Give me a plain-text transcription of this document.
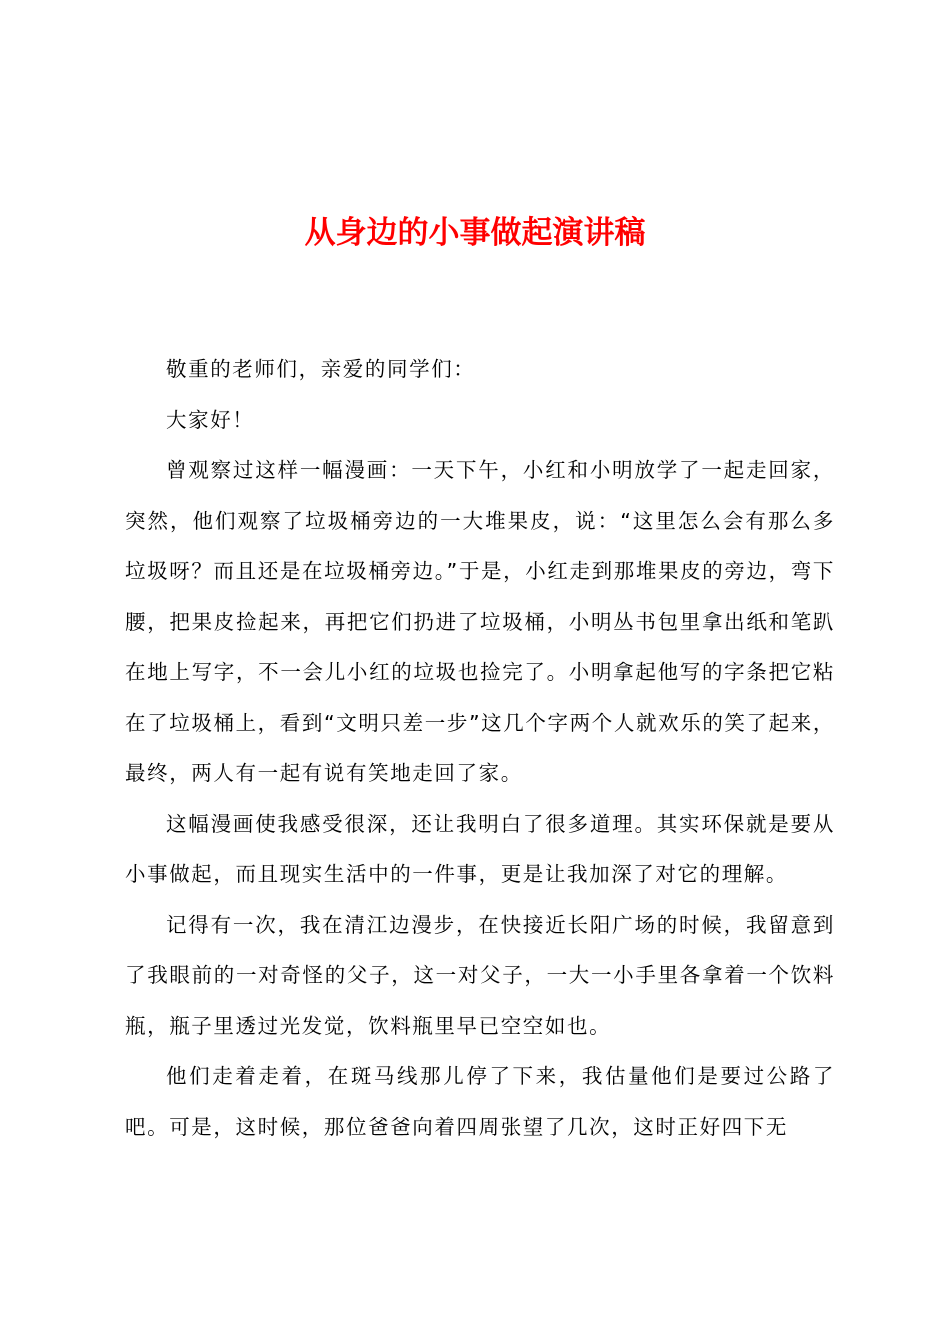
从身边的小事做起演讲稿

敬重的老师们，亲爱的同学们：

大家好！

曾观察过这样一幅漫画：一天下午，小红和小明放学了一起走回家，突然，他们观察了垃圾桶旁边的一大堆果皮，说：“这里怎么会有那么多垃圾呀？而且还是在垃圾桶旁边。”于是，小红走到那堆果皮的旁边，弯下腰，把果皮捡起来，再把它们扔进了垃圾桶，小明丛书包里拿出纸和笔趴在地上写字，不一会儿小红的垃圾也捡完了。小明拿起他写的字条把它粘在了垃圾桶上，看到“文明只差一步”这几个字两个人就欢乐的笑了起来，最终，两人有一起有说有笑地走回了家。

这幅漫画使我感受很深，还让我明白了很多道理。其实环保就是要从小事做起，而且现实生活中的一件事，更是让我加深了对它的理解。

记得有一次，我在清江边漫步，在快接近长阳广场的时候，我留意到了我眼前的一对奇怪的父子，这一对父子，一大一小手里各拿着一个饮料瓶，瓶子里透过光发觉，饮料瓶里早已空空如也。

他们走着走着，在斑马线那儿停了下来，我估量他们是要过公路了吧。可是，这时候，那位爸爸向着四周张望了几次，这时正好四下无
